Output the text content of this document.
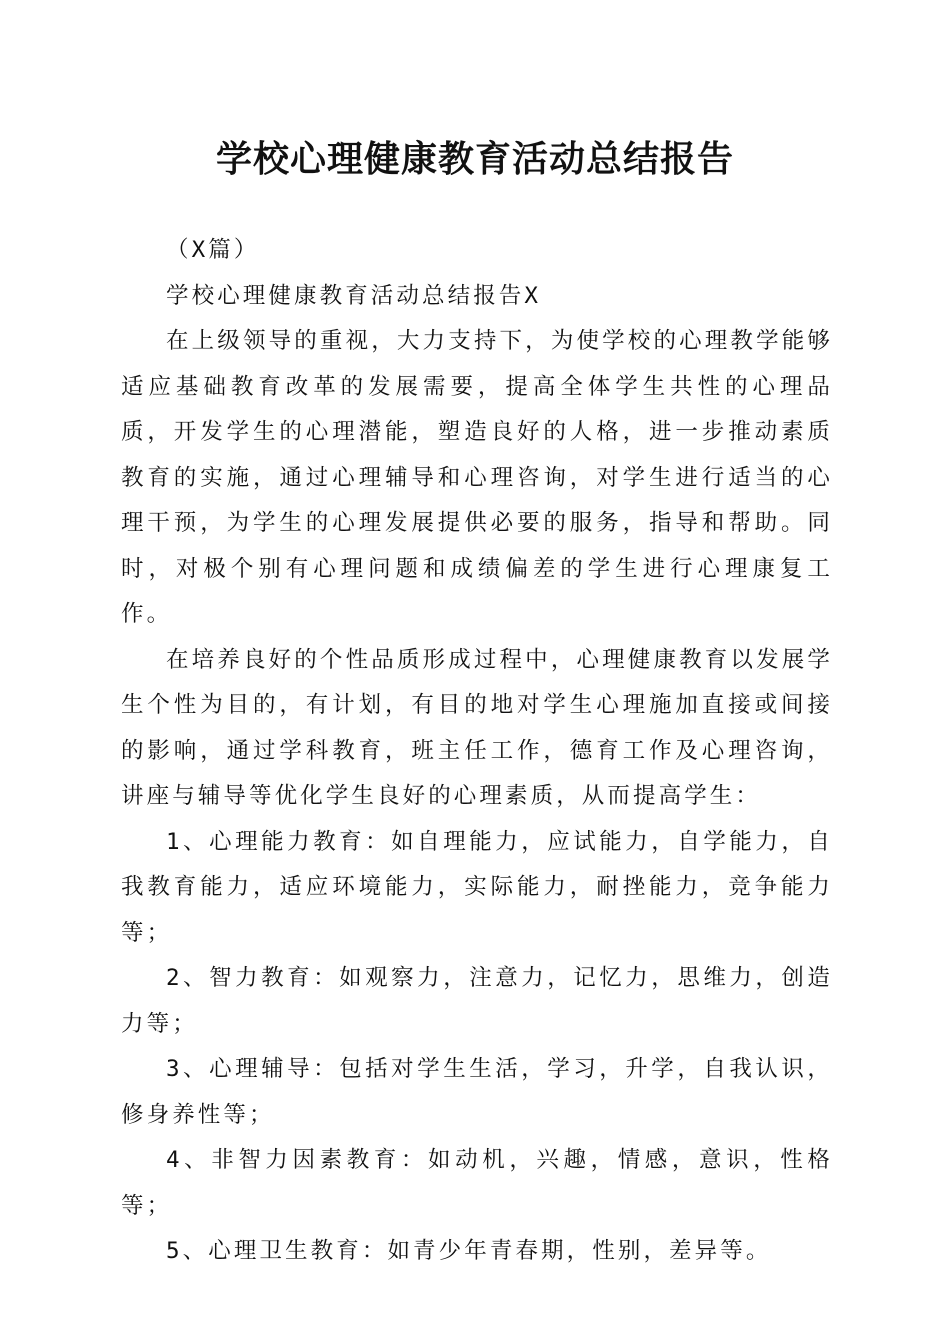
学校心理健康教育活动总结报告

（X篇）

学校心理健康教育活动总结报告X

在上级领导的重视，大力支持下，为使学校的心理教学能够适应基础教育改革的发展需要，提高全体学生共性的心理品质，开发学生的心理潜能，塑造良好的人格，进一步推动素质教育的实施，通过心理辅导和心理咨询，对学生进行适当的心理干预，为学生的心理发展提供必要的服务，指导和帮助。同时，对极个别有心理问题和成绩偏差的学生进行心理康复工作。

在培养良好的个性品质形成过程中，心理健康教育以发展学生个性为目的，有计划，有目的地对学生心理施加直接或间接的影响，通过学科教育，班主任工作，德育工作及心理咨询，讲座与辅导等优化学生良好的心理素质，从而提高学生：

1、心理能力教育：如自理能力，应试能力，自学能力，自我教育能力，适应环境能力，实际能力，耐挫能力，竞争能力等；

2、智力教育：如观察力，注意力，记忆力，思维力，创造力等；

3、心理辅导：包括对学生生活，学习，升学，自我认识，修身养性等；

4、非智力因素教育：如动机，兴趣，情感，意识，性格等；

5、心理卫生教育：如青少年青春期，性别，差异等。
